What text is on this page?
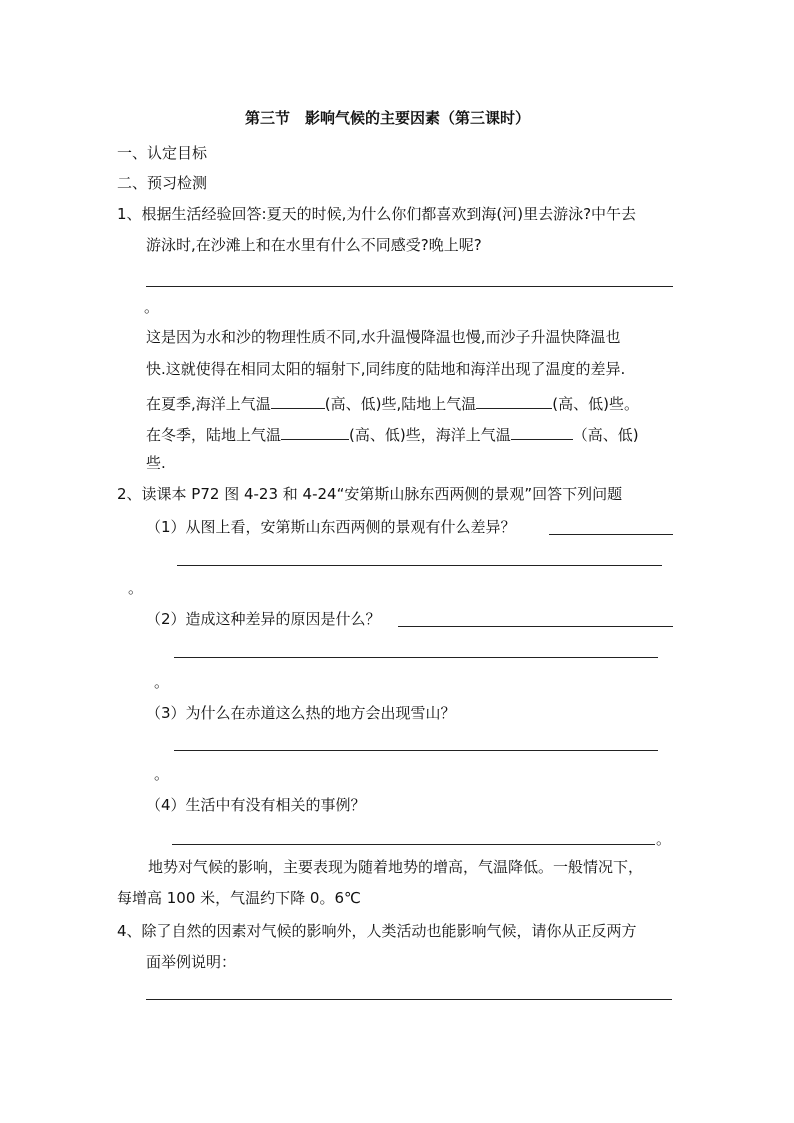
第三节　影响气候的主要因素（第三课时）
一、认定目标
二、预习检测
1、根据生活经验回答:夏天的时候,为什么你们都喜欢到海(河)里去游泳?中午去
游泳时,在沙滩上和在水里有什么不同感受?晚上呢?
。
这是因为水和沙的物理性质不同,水升温慢降温也慢,而沙子升温快降温也
快.这就使得在相同太阳的辐射下,同纬度的陆地和海洋出现了温度的差异.
在夏季,海洋上气温	(高、低)些,陆地上气温	(高、低)些。
在冬季，陆地上气温	(高、低)些，海洋上气温	（高、低)
些.
2、读课本 P72 图 4-23 和 4-24“安第斯山脉东西两侧的景观”回答下列问题
（1）从图上看，安第斯山东西两侧的景观有什么差异？
。
（2）造成这种差异的原因是什么？
。
（3）为什么在赤道这么热的地方会出现雪山？
。
（4）生活中有没有相关的事例？
。
地势对气候的影响，主要表现为随着地势的增高，气温降低。一般情况下，
每增高 100 米，气温约下降 0。6℃
4、除了自然的因素对气候的影响外，人类活动也能影响气候，请你从正反两方
面举例说明：
